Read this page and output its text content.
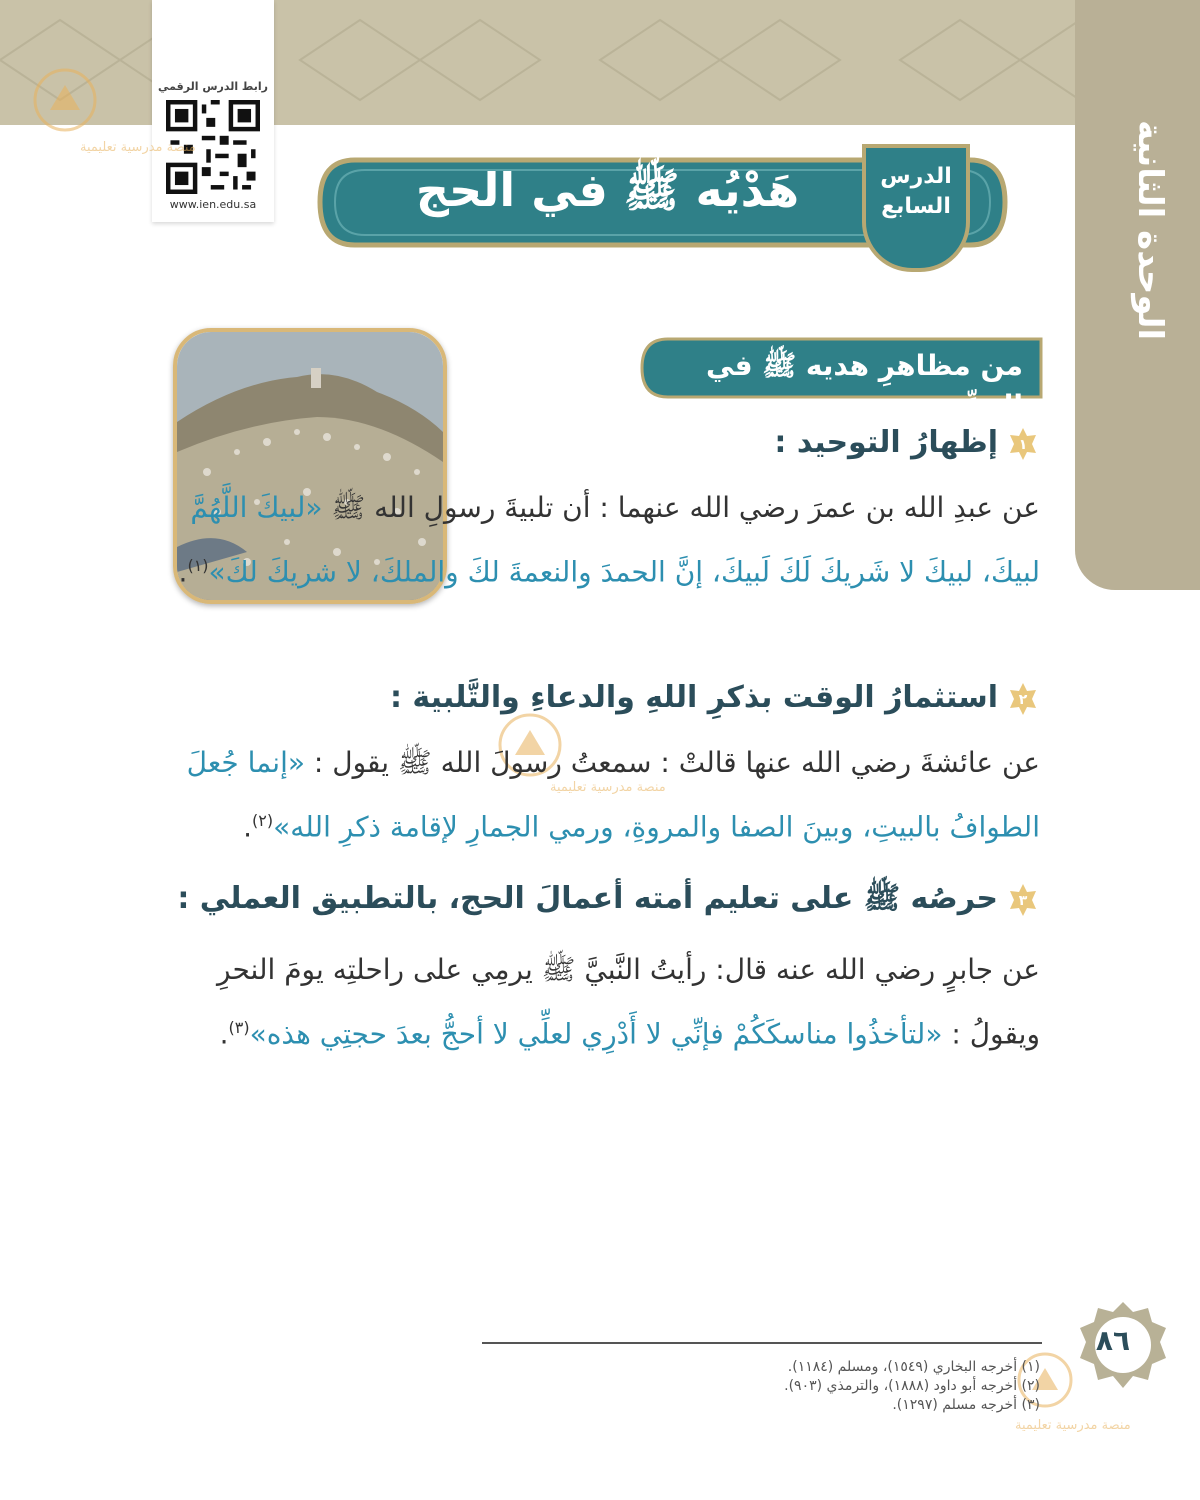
الوحدة الثانية
رابط الدرس الرقمي
www.ien.edu.sa
منصة مدرسية تعليمية
منصة مدرسية تعليمية
منصة مدرسية تعليمية
الدرس
السابع
هَدْيُه ﷺ في الحج
من مظاهرِ هديه ﷺ في الحجِّ :
١
إظهارُ التوحيد :
عن عبدِ الله بن عمرَ رضي الله عنهما : أن تلبيةَ رسولِ الله ﷺ «لبيكَ اللَّهُمَّ لبيكَ، لبيكَ لا شَريكَ لَكَ لَبيكَ، إنَّ الحمدَ والنعمةَ لكَ والملكَ، لا شريكَ لكَ»$^{(١)}$.
٢
استثمارُ الوقت بذكرِ اللهِ والدعاءِ والتَّلبية :
عن عائشةَ رضي الله عنها قالتْ : سمعتُ رسولَ الله ﷺ يقول : «إنما جُعلَ الطوافُ بالبيتِ، وبينَ الصفا والمروةِ، ورمي الجمارِ لإقامة ذكرِ الله»$^{(٢)}$.
٣
حرصُه ﷺ على تعليم أمته أعمالَ الحج، بالتطبيق العملي :
عن جابرٍ رضي الله عنه قال: رأيتُ النَّبيَّ ﷺ يرمِي على راحلتِه يومَ النحرِ ويقولُ : «لتأخذُوا مناسكَكُمْ فإنِّي لا أَدْرِي لعلِّي لا أحجُّ بعدَ حجتِي هذه»$^{(٣)}$.
٨٦
(١) أخرجه البخاري (١٥٤٩)، ومسلم (١١٨٤).
(٢) أخرجه أبو داود (١٨٨٨)، والترمذي (٩٠٣).
(٣) أخرجه مسلم (١٢٩٧).
